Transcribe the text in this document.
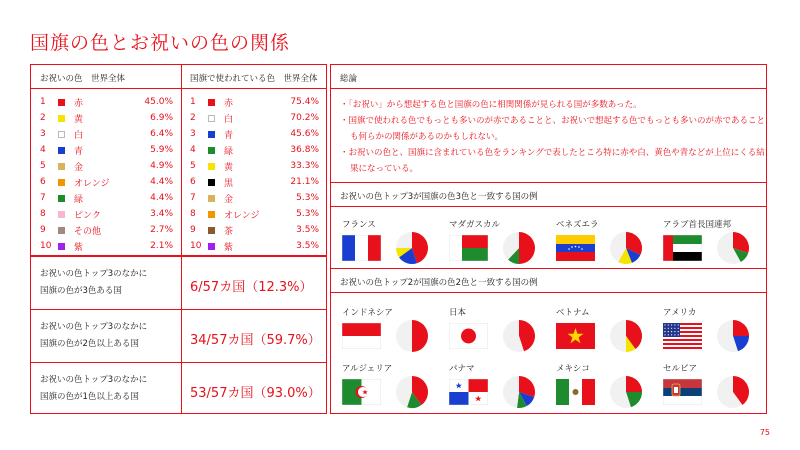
国旗の色とお祝いの色の関係
お祝いの色　世界全体	国旗で使われている色　世界全体
1	赤	45.0%
2	黄	6.9%
3	白	6.4%
4	青	5.9%
5	金	4.9%
6	オレンジ	4.4%
7	緑	4.4%
8	ピンク	3.4%
9	その他	2.7%
10	紫	2.1%
1	赤	75.4%
2	白	70.2%
3	青	45.6%
4	緑	36.8%
5	黄	33.3%
6	黒	21.1%
7	金	5.3%
8	オレンジ	5.3%
9	茶	3.5%
10	紫	3.5%
お祝いの色トップ3のなかに
国旗の色が3色ある国	6/57カ国（12.3%）
お祝いの色トップ3のなかに
国旗の色が2色以上ある国	34/57カ国（59.7%）
お祝いの色トップ3のなかに
国旗の色が1色以上ある国	53/57カ国（93.0%）
総論

・「お祝い」から想起する色と国旗の色に相関関係が見られる国が多数あった。

・国旗で使われる色でもっとも多いのが赤であることと、お祝いで想起する色でもっとも多いのが赤であることも何らかの関係があるのかもしれない。

・お祝いの色と、国旗に含まれている色をランキングで表したところ特に赤や白、黄色や青などが上位にくる結果になっている。

お祝いの色トップ3が国旗の色3色と一致する国の例
お祝いの色トップ2が国旗の色2色と一致する国の例
フランス	マダガスカル	ベネズエラ	アラブ首長国連邦
インドネシア	日本	ベトナム	アメリカ
アルジェリア	パナマ	メキシコ	セルビア
75
